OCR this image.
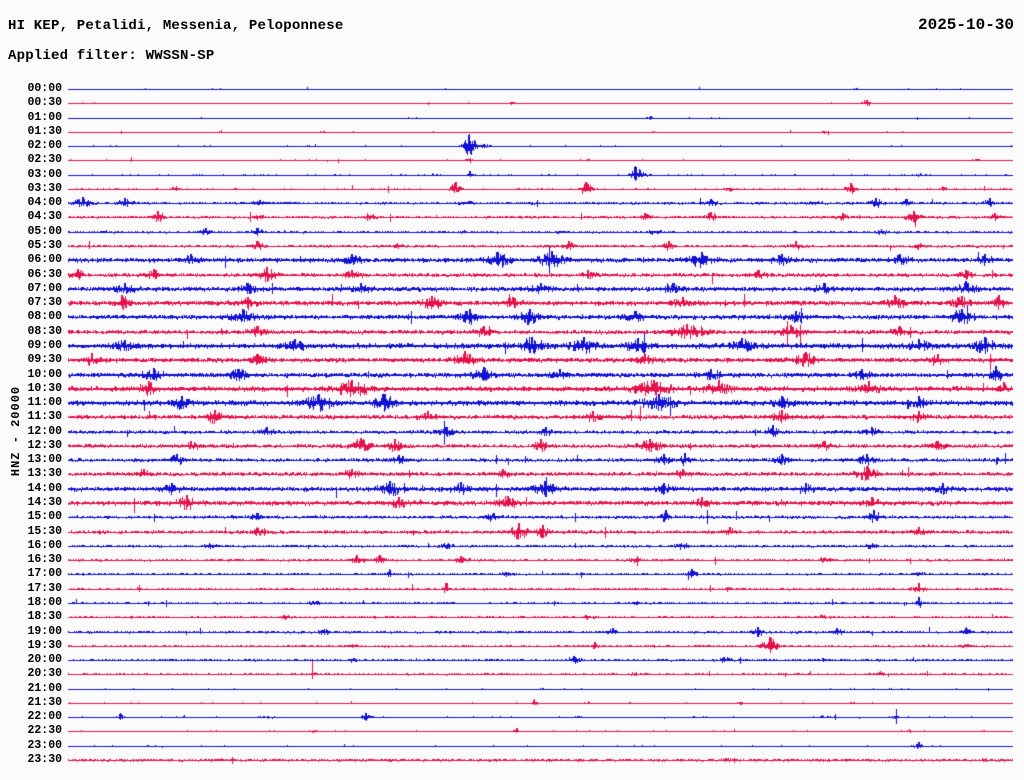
HI KEP, Petalidi, Messenia, Peloponnese	2025-10-30
Applied filter: WWSSN-SP
HNZ - 20000
00:00
00:30
01:00
01:30
02:00
02:30
03:00
03:30
04:00
04:30
05:00
05:30
06:00
06:30
07:00
07:30
08:00
08:30
09:00
09:30
10:00
10:30
11:00
11:30
12:00
12:30
13:00
13:30
14:00
14:30
15:00
15:30
16:00
16:30
17:00
17:30
18:00
18:30
19:00
19:30
20:00
20:30
21:00
21:30
22:00
22:30
23:00
23:30
